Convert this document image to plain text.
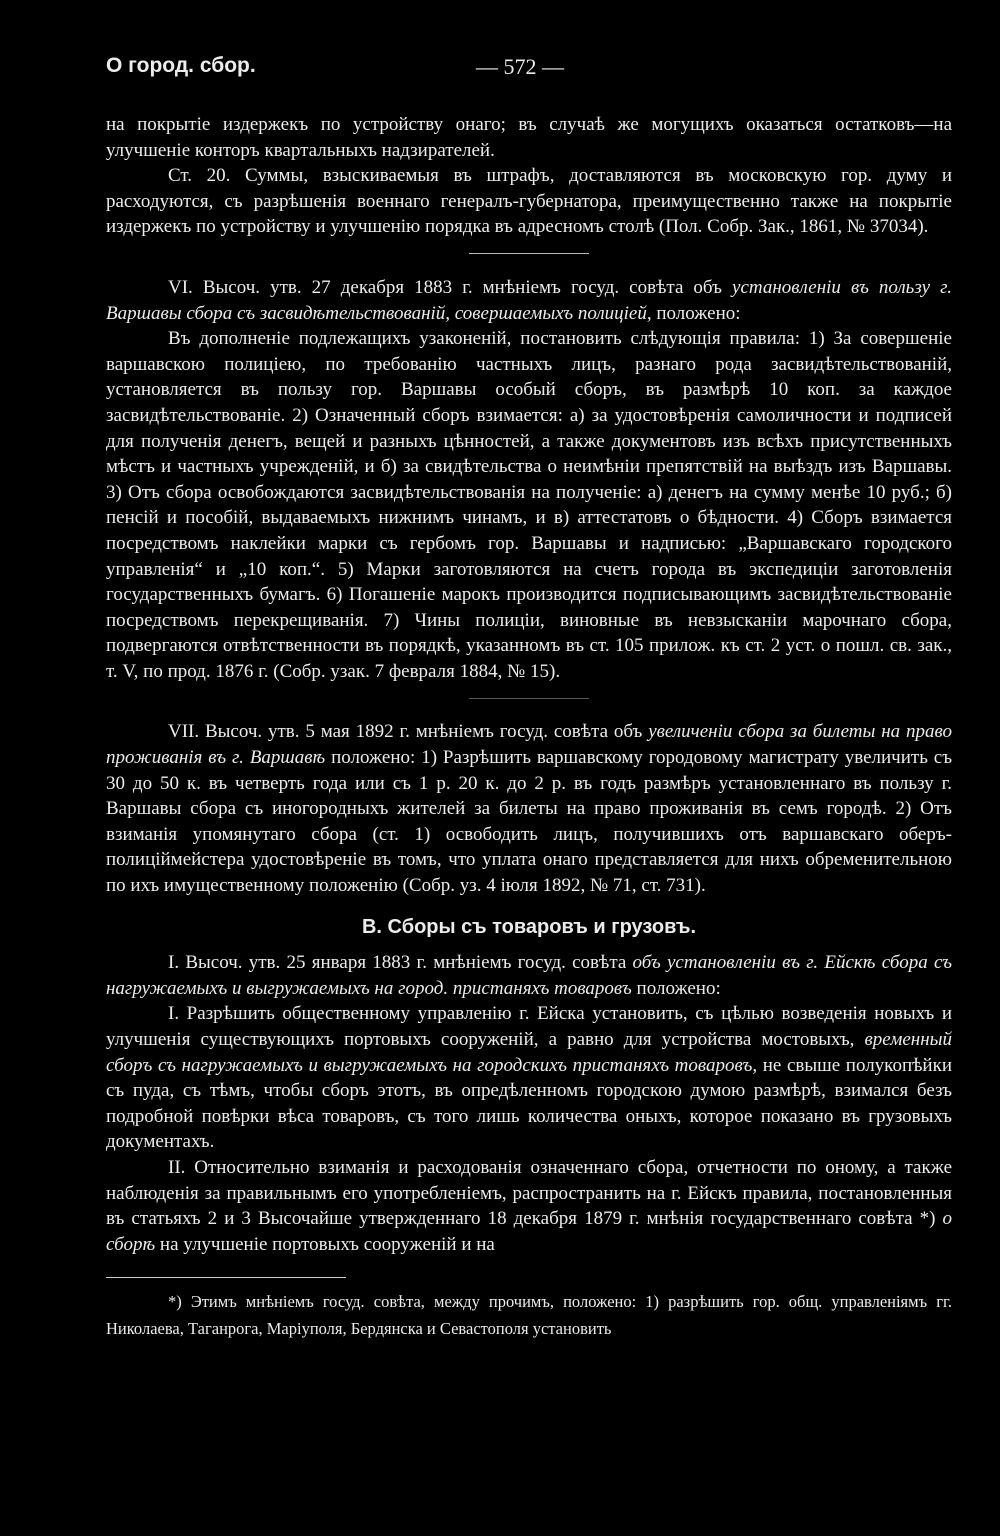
О город. сбор.	— 572 —

на покрытіе издержекъ по устройству онаго; въ случаѣ же могущихъ оказаться остатковъ—на улучшеніе конторъ квартальныхъ надзирателей.

Ст. 20. Суммы, взыскиваемыя въ штрафъ, доставляются въ московскую гор. думу и расходуются, съ разрѣшенія военнаго генералъ-губернатора, преимущественно также на покрытіе издержекъ по устройству и улучшенію порядка въ адресномъ столѣ (Пол. Собр. Зак., 1861, № 37034).

VI. Высоч. утв. 27 декабря 1883 г. мнѣніемъ госуд. совѣта объ установленіи въ пользу г. Варшавы сбора съ засвидѣтельствованій, совершаемыхъ полиціей, положено:

Въ дополненіе подлежащихъ узаконеній, постановить слѣдующія правила: 1) За совершеніе варшавскою полиціею, по требованію частныхъ лицъ, разнаго рода засвидѣтельствованій, установляется въ пользу гор. Варшавы особый сборъ, въ размѣрѣ 10 коп. за каждое засвидѣтельствованіе. 2) Означенный сборъ взимается: а) за удостовѣренія самоличности и подписей для полученія денегъ, вещей и разныхъ цѣнностей, а также документовъ изъ всѣхъ присутственныхъ мѣстъ и частныхъ учрежденій, и б) за свидѣтельства о неимѣніи препятствій на выѣздъ изъ Варшавы. 3) Отъ сбора освобождаются засвидѣтельствованія на полученіе: а) денегъ на сумму менѣе 10 руб.; б) пенсій и пособій, выдаваемыхъ нижнимъ чинамъ, и в) аттестатовъ о бѣдности. 4) Сборъ взимается посредствомъ наклейки марки съ гербомъ гор. Варшавы и надписью: „Варшавскаго городского управленія“ и „10 коп.“. 5) Марки заготовляются на счетъ города въ экспедиціи заготовленія государственныхъ бумагъ. 6) Погашеніе марокъ производится подписывающимъ засвидѣтельствованіе посредствомъ перекрещиванія. 7) Чины полиціи, виновные въ невзысканіи марочнаго сбора, подвергаются отвѣтственности въ порядкѣ, указанномъ въ ст. 105 прилож. къ ст. 2 уст. о пошл. св. зак., т. V, по прод. 1876 г. (Собр. узак. 7 февраля 1884, № 15).

VII. Высоч. утв. 5 мая 1892 г. мнѣніемъ госуд. совѣта объ увеличеніи сбора за билеты на право проживанія въ г. Варшавѣ положено: 1) Разрѣшить варшавскому городовому магистрату увеличить съ 30 до 50 к. въ четверть года или съ 1 р. 20 к. до 2 р. въ годъ размѣръ установленнаго въ пользу г. Варшавы сбора съ иногородныхъ жителей за билеты на право проживанія въ семъ городѣ. 2) Отъ взиманія упомянутаго сбора (ст. 1) освободить лицъ, получившихъ отъ варшавскаго оберъ-полиціймейстера удостовѣреніе въ томъ, что уплата онаго представляется для нихъ обременительною по ихъ имущественному положенію (Собр. уз. 4 іюля 1892, № 71, ст. 731).

В. Сборы съ товаровъ и грузовъ.

I. Высоч. утв. 25 января 1883 г. мнѣніемъ госуд. совѣта объ установленіи въ г. Ейскѣ сбора съ нагружаемыхъ и выгружаемыхъ на город. пристаняхъ товаровъ положено:

I. Разрѣшить общественному управленію г. Ейска установить, съ цѣлью возведенія новыхъ и улучшенія существующихъ портовыхъ сооруженій, а равно для устройства мостовыхъ, временный сборъ съ нагружаемыхъ и выгружаемыхъ на городскихъ пристаняхъ товаровъ, не свыше полукопѣйки съ пуда, съ тѣмъ, чтобы сборъ этотъ, въ опредѣленномъ городскою думою размѣрѣ, взимался безъ подробной повѣрки вѣса товаровъ, съ того лишь количества оныхъ, которое показано въ грузовыхъ документахъ.

II. Относительно взиманія и расходованія означеннаго сбора, отчетности по оному, а также наблюденія за правильнымъ его употребленіемъ, распространить на г. Ейскъ правила, постановленныя въ статьяхъ 2 и 3 Высочайше утвержденнаго 18 декабря 1879 г. мнѣнія государственнаго совѣта *) о сборѣ на улучшеніе портовыхъ сооруженій и на

*) Этимъ мнѣніемъ госуд. совѣта, между прочимъ, положено: 1) разрѣшить гор. общ. управленіямъ гг. Николаева, Таганрога, Маріуполя, Бердянска и Севастополя установить
